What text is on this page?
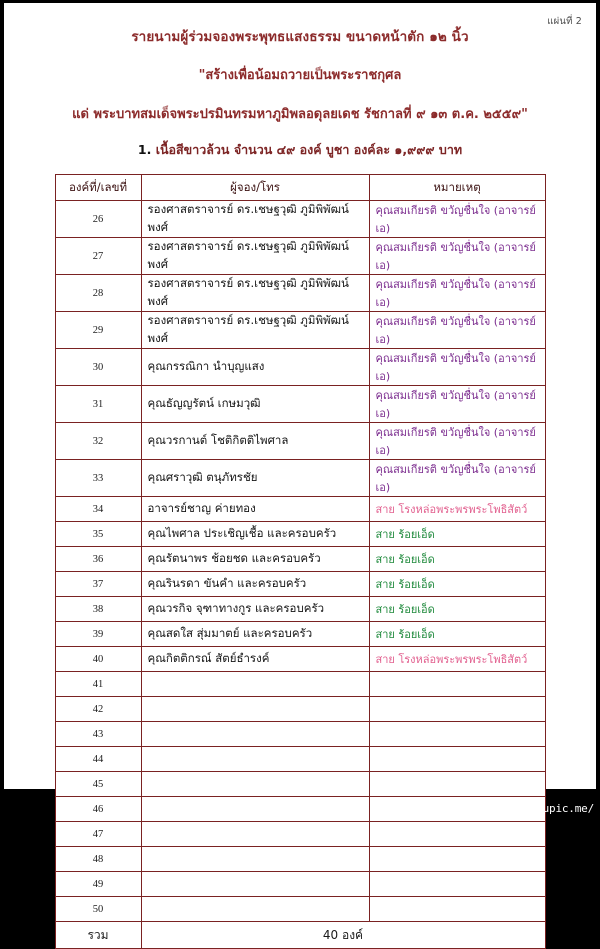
แผ่นที่ 2
รายนามผู้ร่วมจองพระพุทธแสงธรรม ขนาดหน้าตัก ๑๒ นิ้ว
"สร้างเพื่อน้อมถวายเป็นพระราชกุศล
แด่ พระบาทสมเด็จพระปรมินทรมหาภูมิพลอดุลยเดช รัชกาลที่ ๙ ๑๓ ต.ค. ๒๕๕๙"
1. เนื้อสีขาวล้วน จำนวน ๔๙ องค์ บูชา องค์ละ ๑,๙๙๙ บาท
องค์ที่/เลขที่	ผู้จอง/โทร	หมายเหตุ
26	รองศาสตราจารย์ ดร.เชษฐวุฒิ ภูมิพิพัฒน์พงศ์	คุณสมเกียรติ ขวัญชื่นใจ (อาจารย์เอ)
27	รองศาสตราจารย์ ดร.เชษฐวุฒิ ภูมิพิพัฒน์พงศ์	คุณสมเกียรติ ขวัญชื่นใจ (อาจารย์เอ)
28	รองศาสตราจารย์ ดร.เชษฐวุฒิ ภูมิพิพัฒน์พงศ์	คุณสมเกียรติ ขวัญชื่นใจ (อาจารย์เอ)
29	รองศาสตราจารย์ ดร.เชษฐวุฒิ ภูมิพิพัฒน์พงศ์	คุณสมเกียรติ ขวัญชื่นใจ (อาจารย์เอ)
30	คุณกรรณิกา นำบุญแสง	คุณสมเกียรติ ขวัญชื่นใจ (อาจารย์เอ)
31	คุณธัญญรัตน์ เกษมวุฒิ	คุณสมเกียรติ ขวัญชื่นใจ (อาจารย์เอ)
32	คุณวรกานต์ โชติกิตติไพศาล	คุณสมเกียรติ ขวัญชื่นใจ (อาจารย์เอ)
33	คุณศราวุฒิ ตนุภัทรชัย	คุณสมเกียรติ ขวัญชื่นใจ (อาจารย์เอ)
34	อาจารย์ชาญ ค่ายทอง	สาย โรงหล่อพระพรพระโพธิสัตว์
35	คุณไพศาล ประเชิญเชื้อ และครอบครัว	สาย ร้อยเอ็ด
36	คุณรัตนาพร ช้อยชด และครอบครัว	สาย ร้อยเอ็ด
37	คุณรินรดา ขันคำ และครอบครัว	สาย ร้อยเอ็ด
38	คุณวรกิจ จุฑาทางกูร และครอบครัว	สาย ร้อยเอ็ด
39	คุณสดใส สุ่มมาตย์ และครอบครัว	สาย ร้อยเอ็ด
40	คุณกิตติกรณ์ สัตย์ธำรงค์	สาย โรงหล่อพระพรพระโพธิสัตว์
41		
42		
43		
44		
45		
46		
47		
48		
49		
50		
รวม	40 องค์	
[696x932] https://upic.me/
